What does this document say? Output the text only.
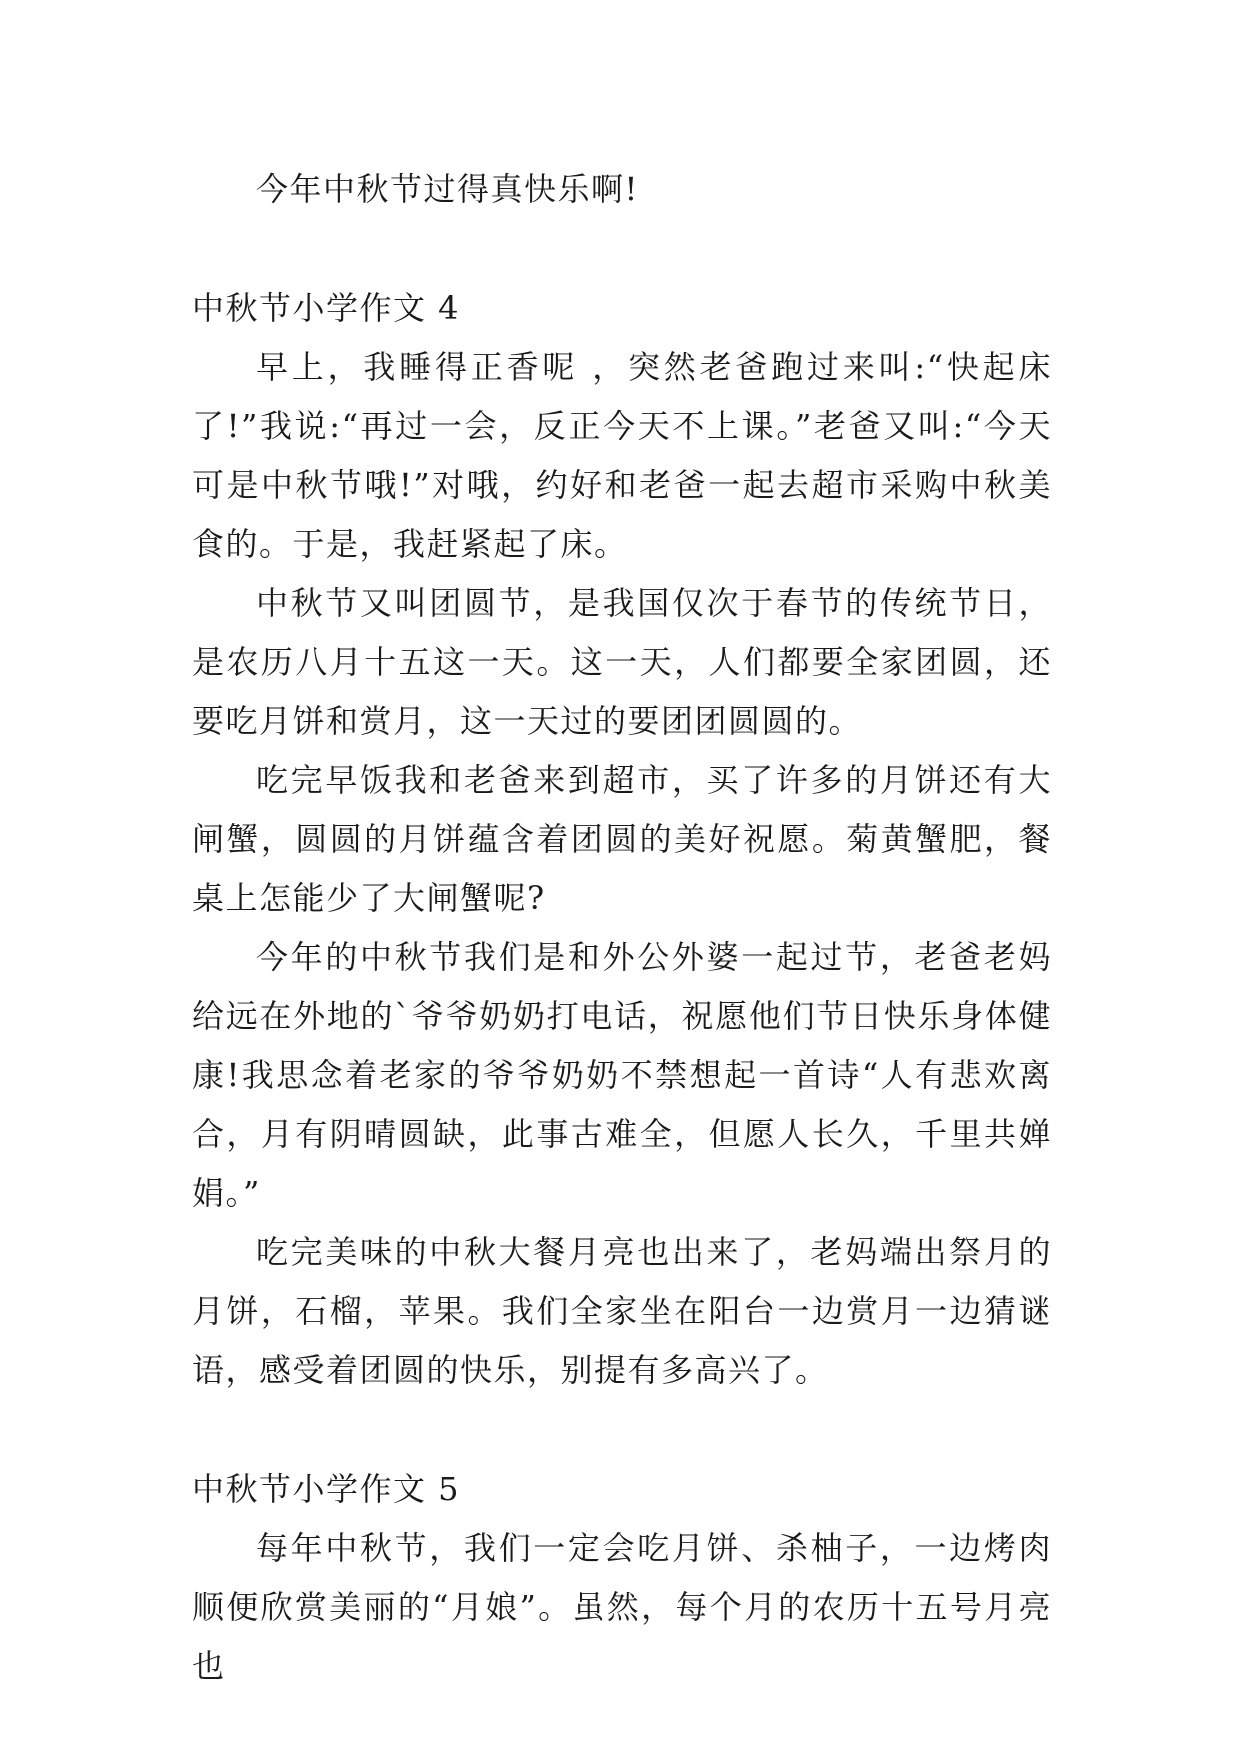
今年中秋节过得真快乐啊!

中秋节小学作文 4

早上，我睡得正香呢 ，突然老爸跑过来叫:“快起床了!”我说:“再过一会，反正今天不上课。”老爸又叫:“今天可是中秋节哦!”对哦，约好和老爸一起去超市采购中秋美食的。于是，我赶紧起了床。

中秋节又叫团圆节，是我国仅次于春节的传统节日，是农历八月十五这一天。这一天，人们都要全家团圆，还要吃月饼和赏月，这一天过的要团团圆圆的。

吃完早饭我和老爸来到超市，买了许多的月饼还有大闸蟹，圆圆的月饼蕴含着团圆的美好祝愿。菊黄蟹肥，餐桌上怎能少了大闸蟹呢?

今年的中秋节我们是和外公外婆一起过节，老爸老妈给远在外地的`爷爷奶奶打电话，祝愿他们节日快乐身体健康!我思念着老家的爷爷奶奶不禁想起一首诗“人有悲欢离合，月有阴晴圆缺，此事古难全，但愿人长久，千里共婵娟。”

吃完美味的中秋大餐月亮也出来了，老妈端出祭月的月饼，石榴，苹果。我们全家坐在阳台一边赏月一边猜谜语，感受着团圆的快乐，别提有多高兴了。

中秋节小学作文 5

每年中秋节，我们一定会吃月饼、杀柚子，一边烤肉顺便欣赏美丽的“月娘”。虽然，每个月的农历十五号月亮也
